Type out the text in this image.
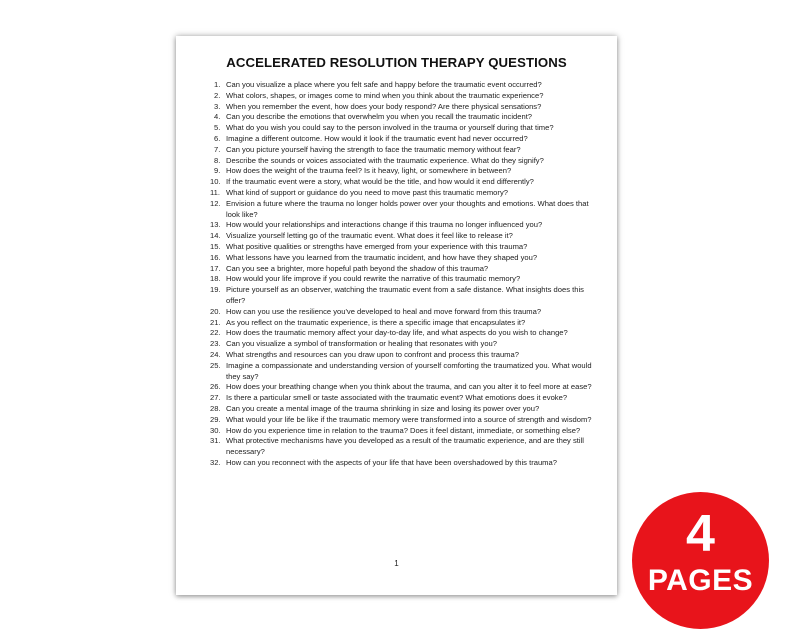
ACCELERATED RESOLUTION THERAPY QUESTIONS
1. Can you visualize a place where you felt safe and happy before the traumatic event occurred?
2. What colors, shapes, or images come to mind when you think about the traumatic experience?
3. When you remember the event, how does your body respond? Are there physical sensations?
4. Can you describe the emotions that overwhelm you when you recall the traumatic incident?
5. What do you wish you could say to the person involved in the trauma or yourself during that time?
6. Imagine a different outcome. How would it look if the traumatic event had never occurred?
7. Can you picture yourself having the strength to face the traumatic memory without fear?
8. Describe the sounds or voices associated with the traumatic experience. What do they signify?
9. How does the weight of the trauma feel? Is it heavy, light, or somewhere in between?
10. If the traumatic event were a story, what would be the title, and how would it end differently?
11. What kind of support or guidance do you need to move past this traumatic memory?
12. Envision a future where the trauma no longer holds power over your thoughts and emotions. What does that look like?
13. How would your relationships and interactions change if this trauma no longer influenced you?
14. Visualize yourself letting go of the traumatic event. What does it feel like to release it?
15. What positive qualities or strengths have emerged from your experience with this trauma?
16. What lessons have you learned from the traumatic incident, and how have they shaped you?
17. Can you see a brighter, more hopeful path beyond the shadow of this trauma?
18. How would your life improve if you could rewrite the narrative of this traumatic memory?
19. Picture yourself as an observer, watching the traumatic event from a safe distance. What insights does this offer?
20. How can you use the resilience you've developed to heal and move forward from this trauma?
21. As you reflect on the traumatic experience, is there a specific image that encapsulates it?
22. How does the traumatic memory affect your day-to-day life, and what aspects do you wish to change?
23. Can you visualize a symbol of transformation or healing that resonates with you?
24. What strengths and resources can you draw upon to confront and process this trauma?
25. Imagine a compassionate and understanding version of yourself comforting the traumatized you. What would they say?
26. How does your breathing change when you think about the trauma, and can you alter it to feel more at ease?
27. Is there a particular smell or taste associated with the traumatic event? What emotions does it evoke?
28. Can you create a mental image of the trauma shrinking in size and losing its power over you?
29. What would your life be like if the traumatic memory were transformed into a source of strength and wisdom?
30. How do you experience time in relation to the trauma? Does it feel distant, immediate, or something else?
31. What protective mechanisms have you developed as a result of the traumatic experience, and are they still necessary?
32. How can you reconnect with the aspects of your life that have been overshadowed by this trauma?
1
4
PAGES
